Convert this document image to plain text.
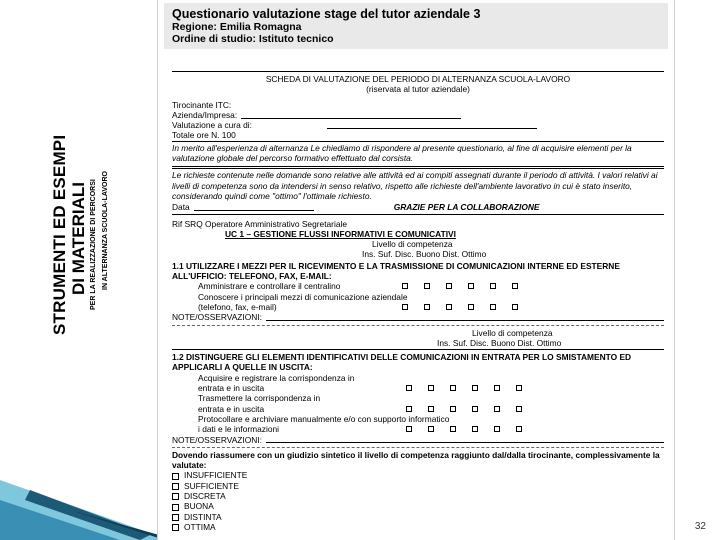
STRUMENTI ED ESEMPI DI MATERIALI PER LA REALIZZAZIONE DI PERCORSI IN ALTERNANZA SCUOLA-LAVORO
Questionario valutazione stage del tutor aziendale 3
Regione: Emilia Romagna
Ordine di studio: Istituto tecnico
SCHEDA DI VALUTAZIONE DEL PERIODO DI ALTERNANZA SCUOLA-LAVORO
(riservata al tutor aziendale)
Tirocinante ITC:
Azienda/Impresa:
Valutazione a cura di:
Totale ore N. 100
In merito all'esperienza di alternanza Le chiediamo di rispondere al presente questionario, al fine di acquisire elementi per la valutazione globale del percorso formativo effettuato dal corsista.
Le richieste contenute nelle domande sono relative alle attività ed ai compiti assegnati durante il periodo di attività. I valori relativi ai livelli di competenza sono da intendersi in senso relativo, rispetto alle richieste dell'ambiente lavorativo in cui è stato inserito, considerando quindi come "ottimo" l'ottimale richiesto.
Data	GRAZIE PER LA COLLABORAZIONE
Rif SRQ Operatore Amministrativo Segretariale
UC 1 – GESTIONE FLUSSI INFORMATIVI E COMUNICATIVI
Livello di competenza
Ins. Suf. Disc. Buono Dist. Ottimo
1.1 UTILIZZARE I MEZZI PER IL RICEVIMENTO E LA TRASMISSIONE DI COMUNICAZIONI INTERNE ED ESTERNE ALL'UFFICIO: TELEFONO, FAX, E-MAIL:
Amministrare e controllare il centralino
Conoscere i principali mezzi di comunicazione aziendale
(telefono, fax, e-mail)
NOTE/OSSERVAZIONI:
Livello di competenza
Ins. Suf. Disc. Buono Dist. Ottimo
1.2 DISTINGUERE GLI ELEMENTI IDENTIFICATIVI DELLE COMUNICAZIONI IN ENTRATA PER LO SMISTAMENTO ED APPLICARLI A QUELLE IN USCITA:
Acquisire e registrare la corrispondenza in
entrata e in uscita
Trasmettere la corrispondenza in
entrata e in uscita
Protocollare e archiviare manualmente e/o con supporto informatico
i dati e le informazioni
NOTE/OSSERVAZIONI:
Dovendo riassumere con un giudizio sintetico il livello di competenza raggiunto dal/dalla tirocinante, complessivamente la valutate:
INSUFFICIENTE
SUFFICIENTE
DISCRETA
BUONA
DISTINTA
OTTIMA	32
